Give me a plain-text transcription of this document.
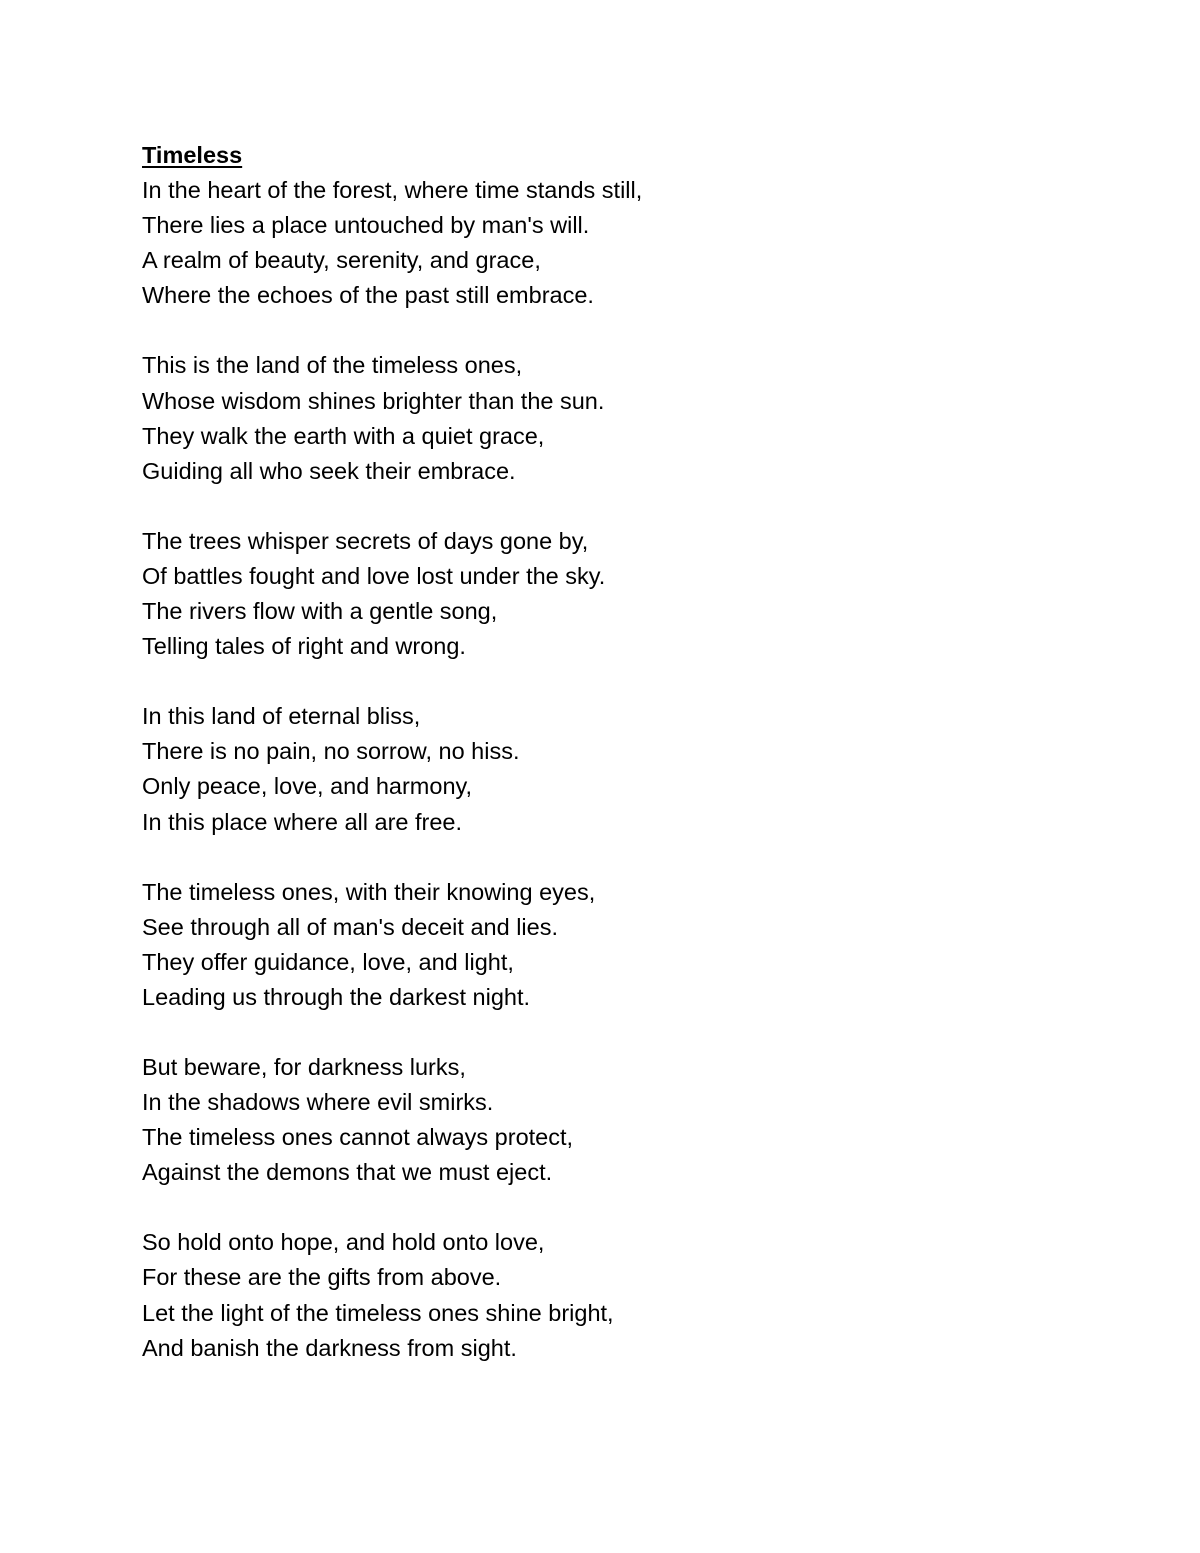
Timeless
In the heart of the forest, where time stands still,
There lies a place untouched by man's will.
A realm of beauty, serenity, and grace,
Where the echoes of the past still embrace.
This is the land of the timeless ones,
Whose wisdom shines brighter than the sun.
They walk the earth with a quiet grace,
Guiding all who seek their embrace.
The trees whisper secrets of days gone by,
Of battles fought and love lost under the sky.
The rivers flow with a gentle song,
Telling tales of right and wrong.
In this land of eternal bliss,
There is no pain, no sorrow, no hiss.
Only peace, love, and harmony,
In this place where all are free.
The timeless ones, with their knowing eyes,
See through all of man's deceit and lies.
They offer guidance, love, and light,
Leading us through the darkest night.
But beware, for darkness lurks,
In the shadows where evil smirks.
The timeless ones cannot always protect,
Against the demons that we must eject.
So hold onto hope, and hold onto love,
For these are the gifts from above.
Let the light of the timeless ones shine bright,
And banish the darkness from sight.
